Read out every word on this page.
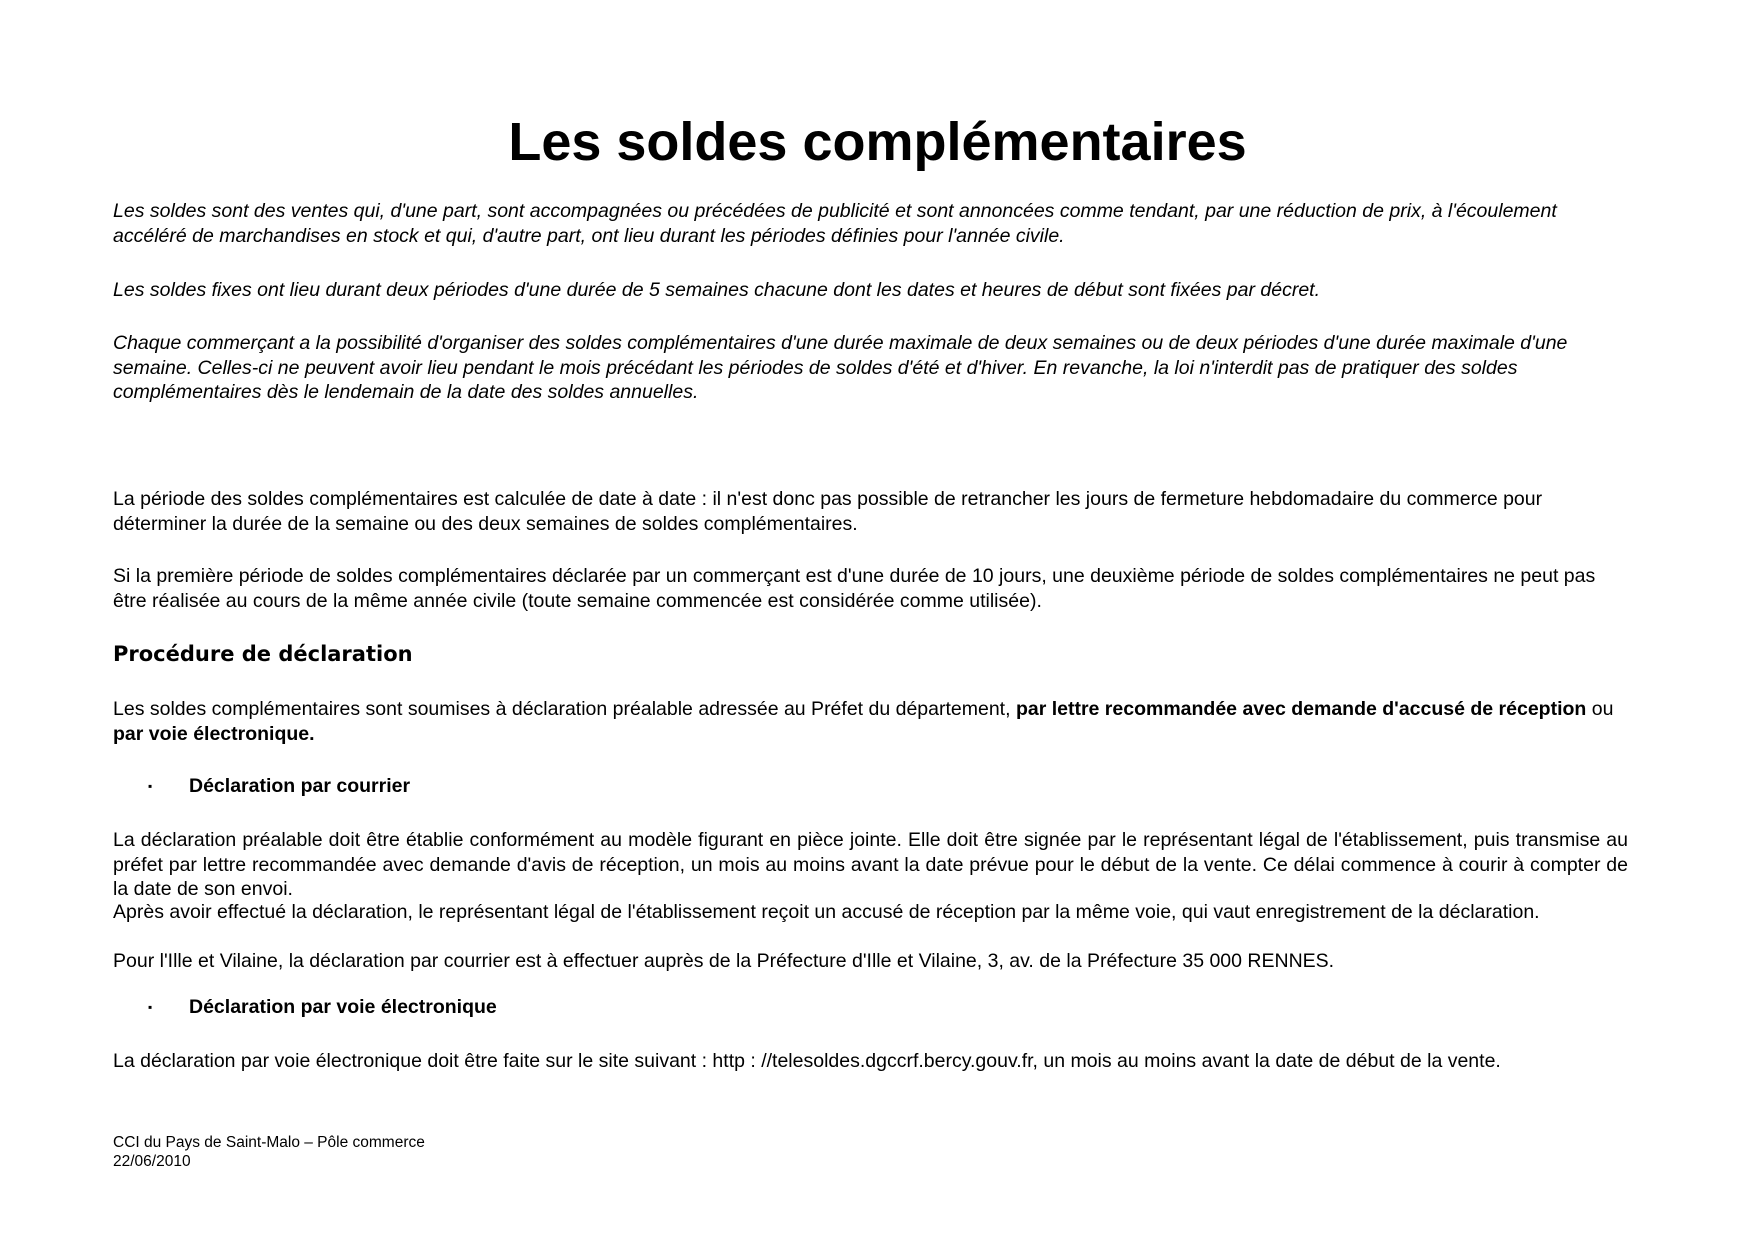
Les soldes complémentaires

Les soldes sont des ventes qui, d'une part, sont accompagnées ou précédées de publicité et sont annoncées comme tendant, par une réduction de prix, à l'écoulement accéléré de marchandises en stock et qui, d'autre part, ont lieu durant les périodes définies pour l'année civile.

Les soldes fixes ont lieu durant deux périodes d'une durée de 5 semaines chacune dont les dates et heures de début sont fixées par décret.

Chaque commerçant a la possibilité d'organiser des soldes complémentaires d'une durée maximale de deux semaines ou de deux périodes d'une durée maximale d'une semaine. Celles-ci ne peuvent avoir lieu pendant le mois précédant les périodes de soldes d'été et d'hiver. En revanche, la loi n'interdit pas de pratiquer des soldes complémentaires dès le lendemain de la date des soldes annuelles.

La période des soldes complémentaires est calculée de date à date : il n'est donc pas possible de retrancher les jours de fermeture hebdomadaire du commerce pour déterminer la durée de la semaine ou des deux semaines de soldes complémentaires.

Si la première période de soldes complémentaires déclarée par un commerçant est d'une durée de 10 jours, une deuxième période de soldes complémentaires ne peut pas être réalisée au cours de la même année civile (toute semaine commencée est considérée comme utilisée).

Procédure de déclaration

Les soldes complémentaires sont soumises à déclaration préalable adressée au Préfet du département, par lettre recommandée avec demande d'accusé de réception ou par voie électronique.

▪ Déclaration par courrier

La déclaration préalable doit être établie conformément au modèle figurant en pièce jointe. Elle doit être signée par le représentant légal de l'établissement, puis transmise au préfet par lettre recommandée avec demande d'avis de réception, un mois au moins avant la date prévue pour le début de la vente. Ce délai commence à courir à compter de la date de son envoi.

Après avoir effectué la déclaration, le représentant légal de l'établissement reçoit un accusé de réception par la même voie, qui vaut enregistrement de la déclaration.

Pour l'Ille et Vilaine, la déclaration par courrier est à effectuer auprès de la Préfecture d'Ille et Vilaine, 3, av. de la Préfecture 35 000 RENNES.

▪ Déclaration par voie électronique

La déclaration par voie électronique doit être faite sur le site suivant : http : //telesoldes.dgccrf.bercy.gouv.fr, un mois au moins avant la date de début de la vente.

CCI du Pays de Saint-Malo – Pôle commerce
22/06/2010
